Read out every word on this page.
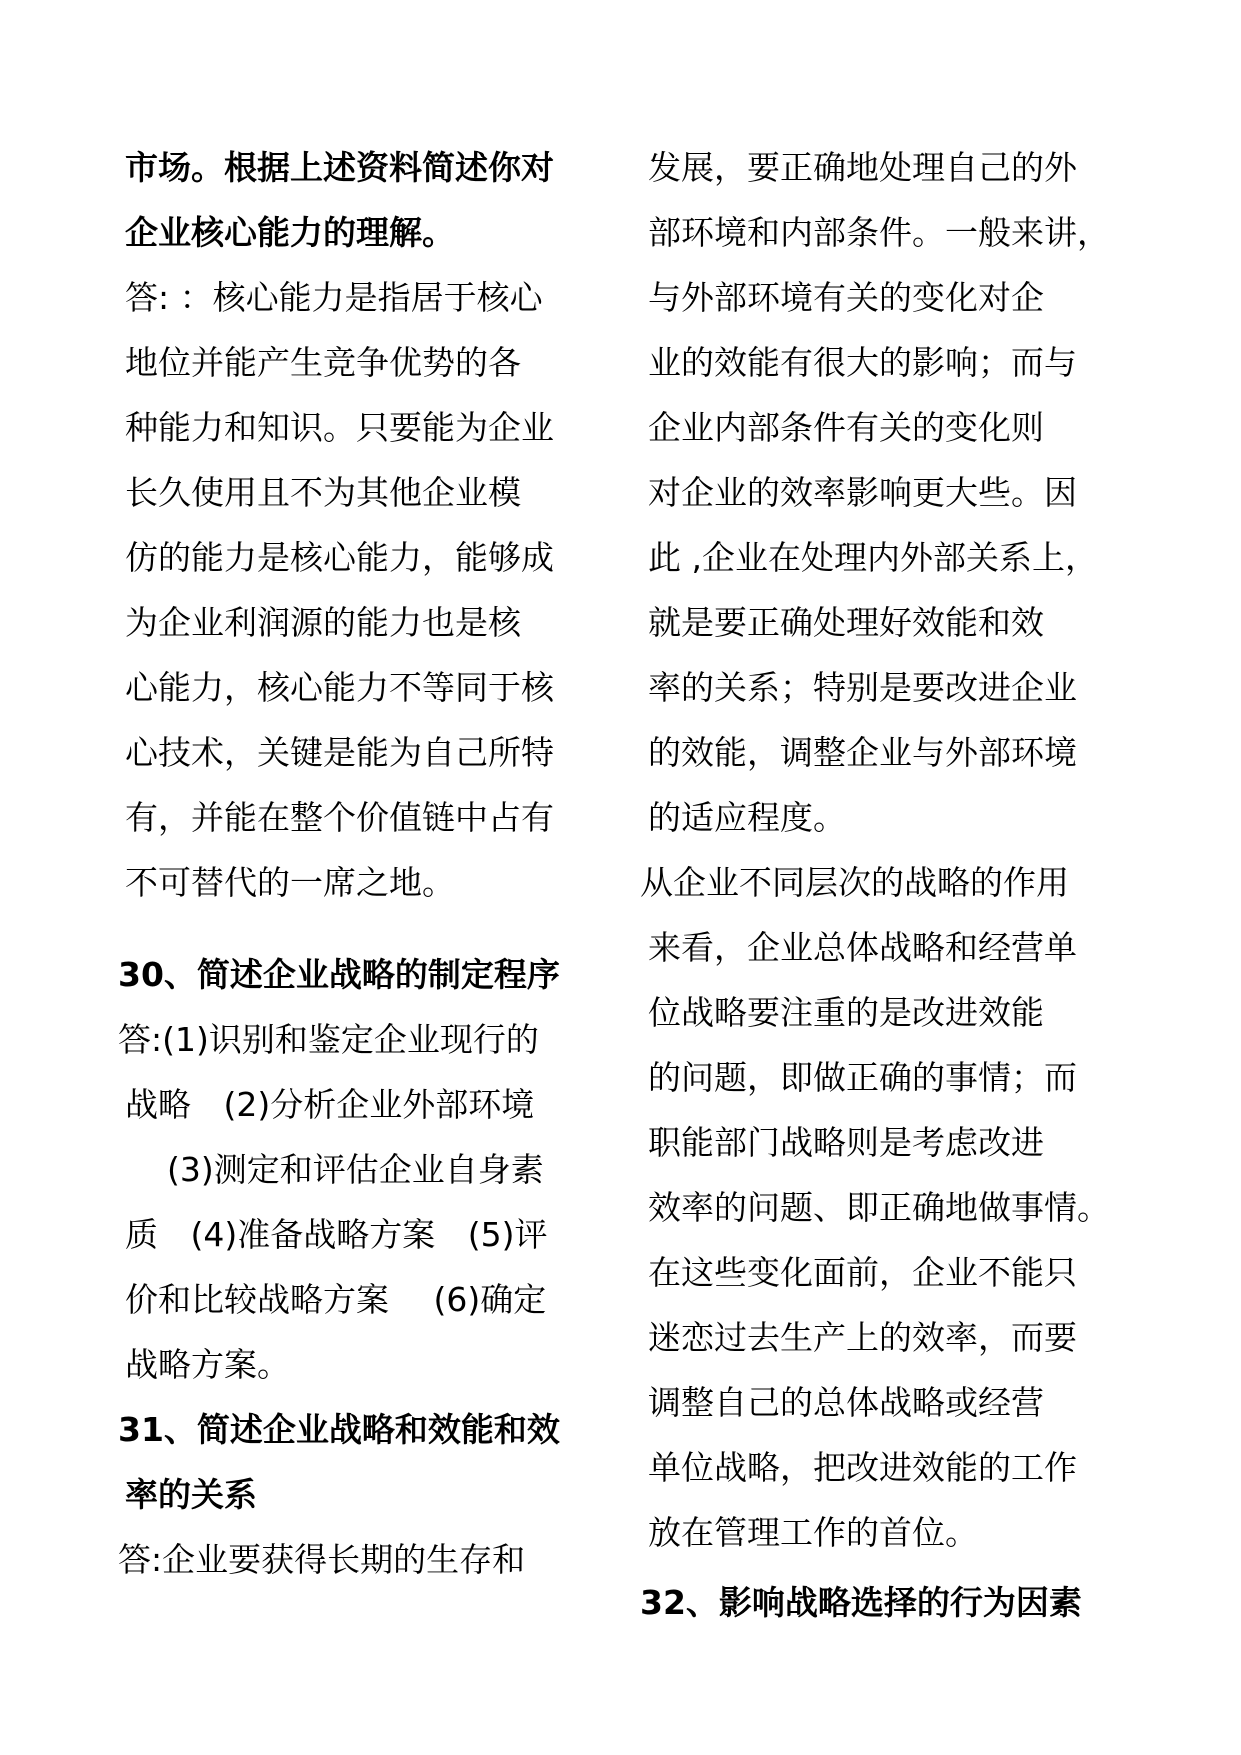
市场。根据上述资料简述你对
企业核心能力的理解。
答: ：核心能力是指居于核心
地位并能产生竞争优势的各
种能力和知识。只要能为企业
长久使用且不为其他企业模
仿的能力是核心能力，能够成
为企业利润源的能力也是核
心能力，核心能力不等同于核
心技术，关键是能为自己所特
有，并能在整个价值链中占有
不可替代的一席之地。
30、简述企业战略的制定程序
答:(1)识别和鉴定企业现行的
战略 (2)分析企业外部环境
(3)测定和评估企业自身素
质 (4)准备战略方案 (5)评
价和比较战略方案 (6)确定
战略方案。
31、简述企业战略和效能和效
率的关系
答:企业要获得长期的生存和
发展，要正确地处理自己的外
部环境和内部条件。一般来讲，
与外部环境有关的变化对企
业的效能有很大的影响；而与
企业内部条件有关的变化则
对企业的效率影响更大些。因
此 ,企业在处理内外部关系上，
就是要正确处理好效能和效
率的关系；特别是要改进企业
的效能，调整企业与外部环境
的适应程度。
从企业不同层次的战略的作用
来看，企业总体战略和经营单
位战略要注重的是改进效能
的问题，即做正确的事情；而
职能部门战略则是考虑改进
效率的问题、即正确地做事情。
在这些变化面前，企业不能只
迷恋过去生产上的效率，而要
调整自己的总体战略或经营
单位战略，把改进效能的工作
放在管理工作的首位。
32、影响战略选择的行为因素
